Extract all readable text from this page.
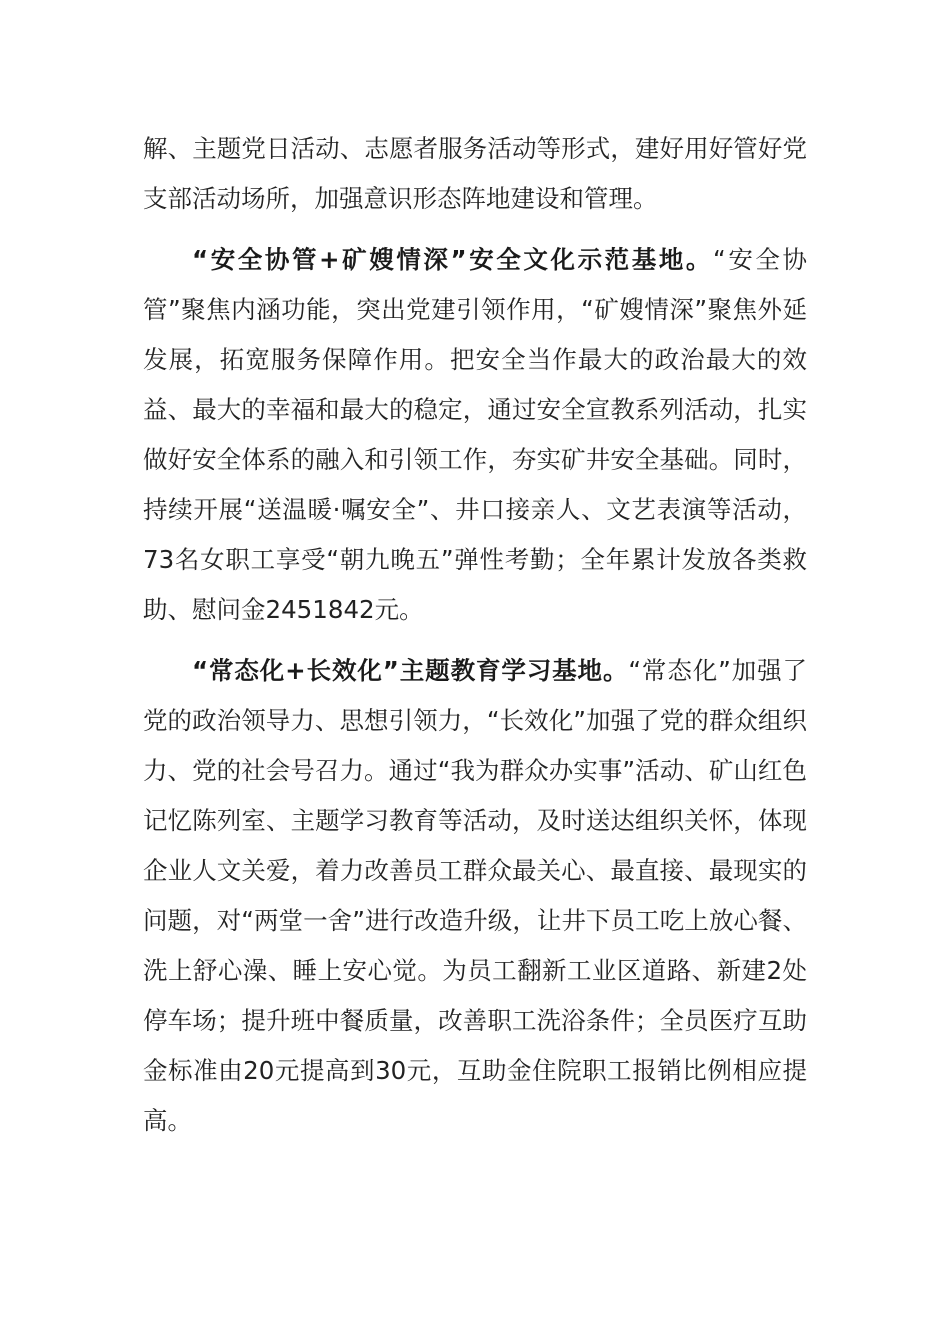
解、主题党日活动、志愿者服务活动等形式，建好用好管好党支部活动场所，加强意识形态阵地建设和管理。

“安全协管+矿嫂情深”安全文化示范基地。“安全协管”聚焦内涵功能，突出党建引领作用，“矿嫂情深”聚焦外延发展，拓宽服务保障作用。把安全当作最大的政治最大的效益、最大的幸福和最大的稳定，通过安全宣教系列活动，扎实做好安全体系的融入和引领工作，夯实矿井安全基础。同时，持续开展“送温暖·嘱安全”、井口接亲人、文艺表演等活动，73名女职工享受“朝九晚五”弹性考勤；全年累计发放各类救助、慰问金2451842元。

“常态化+长效化”主题教育学习基地。“常态化”加强了党的政治领导力、思想引领力，“长效化”加强了党的群众组织力、党的社会号召力。通过“我为群众办实事”活动、矿山红色记忆陈列室、主题学习教育等活动，及时送达组织关怀，体现企业人文关爱，着力改善员工群众最关心、最直接、最现实的问题，对“两堂一舍”进行改造升级，让井下员工吃上放心餐、洗上舒心澡、睡上安心觉。为员工翻新工业区道路、新建2处停车场；提升班中餐质量，改善职工洗浴条件；全员医疗互助金标准由20元提高到30元，互助金住院职工报销比例相应提高。
